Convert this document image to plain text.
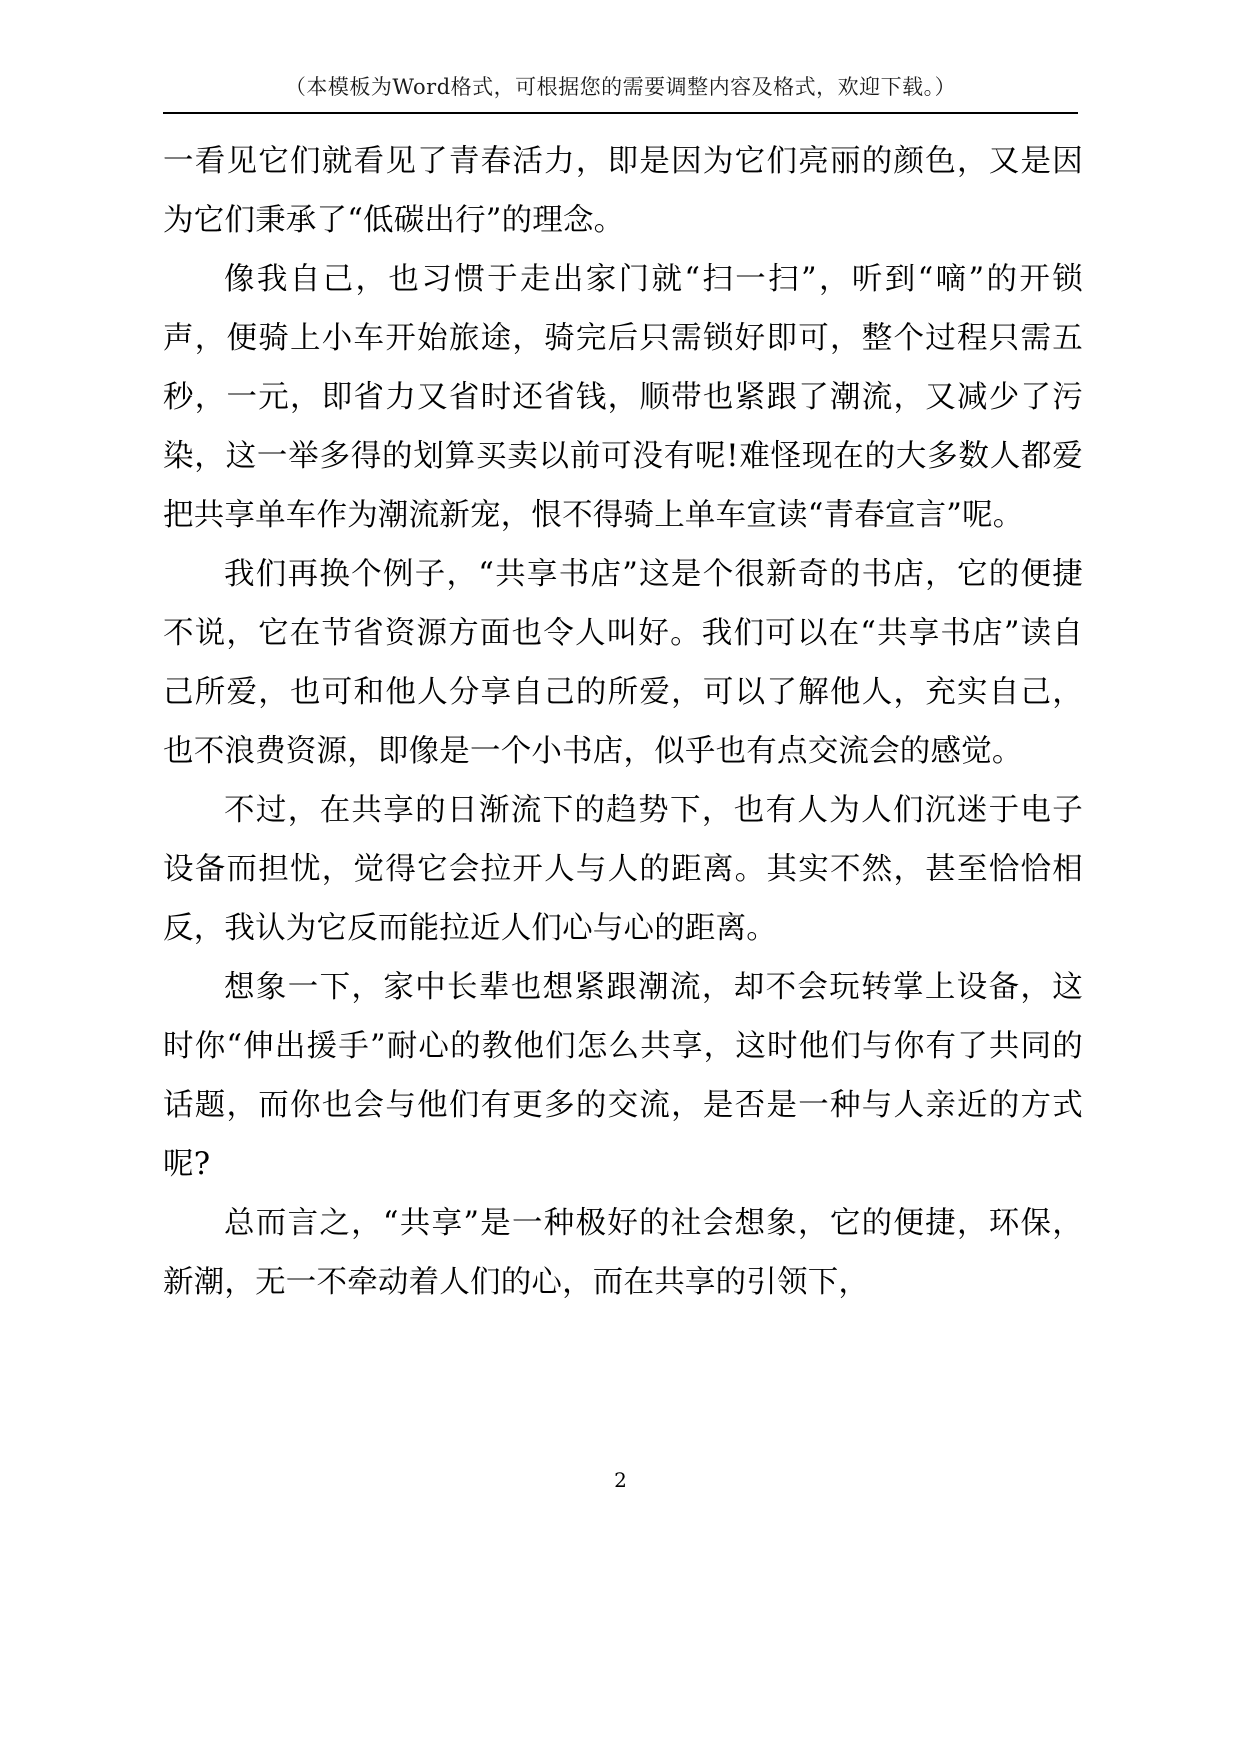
（本模板为Word格式，可根据您的需要调整内容及格式，欢迎下载。）

一看见它们就看见了青春活力，即是因为它们亮丽的颜色，又是因为它们秉承了“低碳出行”的理念。

像我自己，也习惯于走出家门就“扫一扫”，听到“嘀”的开锁声，便骑上小车开始旅途，骑完后只需锁好即可，整个过程只需五秒，一元，即省力又省时还省钱，顺带也紧跟了潮流，又减少了污染，这一举多得的划算买卖以前可没有呢!难怪现在的大多数人都爱把共享单车作为潮流新宠，恨不得骑上单车宣读“青春宣言”呢。

我们再换个例子，“共享书店”这是个很新奇的书店，它的便捷不说，它在节省资源方面也令人叫好。我们可以在“共享书店”读自己所爱，也可和他人分享自己的所爱，可以了解他人，充实自己，也不浪费资源，即像是一个小书店，似乎也有点交流会的感觉。

不过，在共享的日渐流下的趋势下，也有人为人们沉迷于电子设备而担忧，觉得它会拉开人与人的距离。其实不然，甚至恰恰相反，我认为它反而能拉近人们心与心的距离。

想象一下，家中长辈也想紧跟潮流，却不会玩转掌上设备，这时你“伸出援手”耐心的教他们怎么共享，这时他们与你有了共同的话题，而你也会与他们有更多的交流，是否是一种与人亲近的方式呢?

总而言之，“共享”是一种极好的社会想象，它的便捷，环保，新潮，无一不牵动着人们的心，而在共享的引领下，

2
